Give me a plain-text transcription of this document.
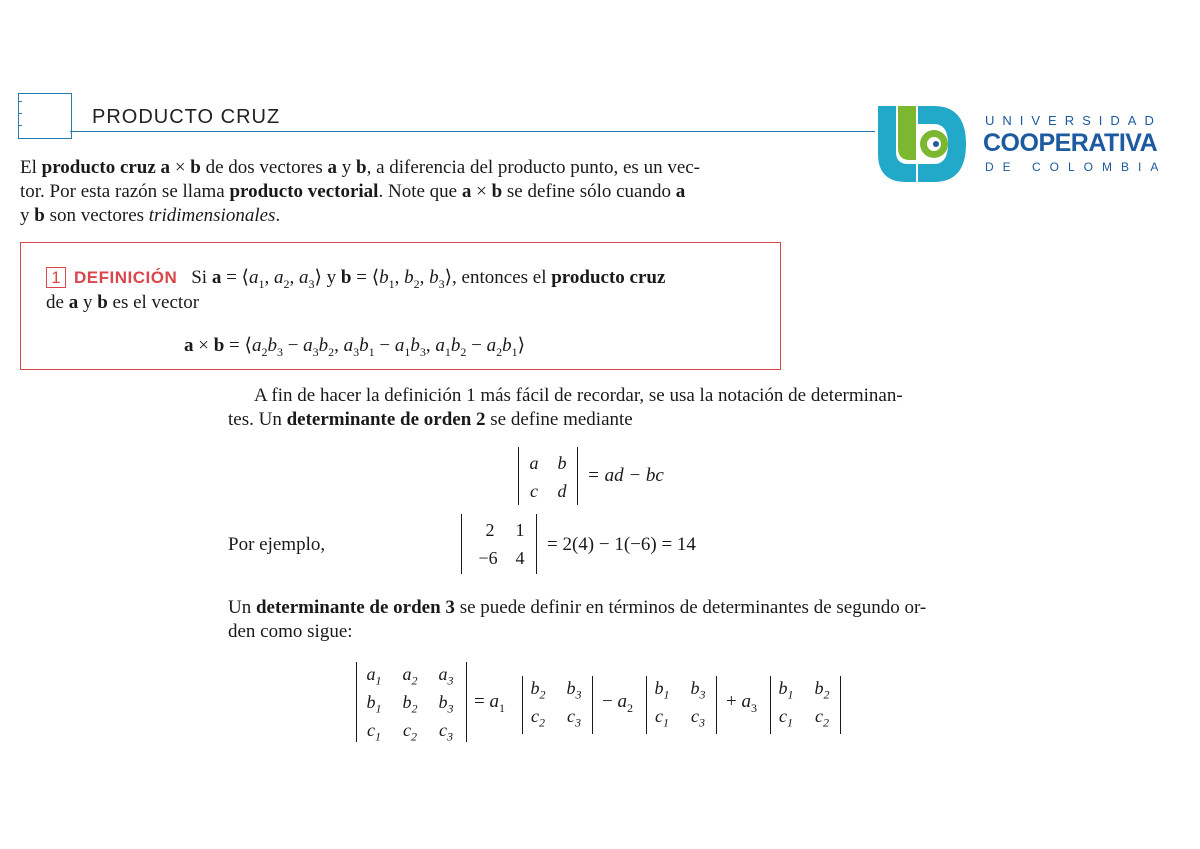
PRODUCTO CRUZ	UNIVERSIDAD
COOPERATIVA
DE COLOMBIA
El producto cruz a × b de dos vectores a y b, a diferencia del producto punto, es un vec-
tor. Por esta razón se llama producto vectorial. Note que a × b se define sólo cuando a
y b son vectores tridimensionales.
1 DEFINICIÓN Si $a = ⟨a_1$, $a_2$, $a_3⟩$ y $b = ⟨b_1$, $b_2$, $b_3⟩$, entonces el producto cruz
de a y b es el vector
$a \times b = ⟨a_2b_3 - a_3b_2$, $a_3b_1 - a_1b_3$, $a_1b_2$ − $a_2b_1⟩$
A fin de hacer la definición 1 más fácil de recordar, se usa la notación de determinan-
tes. Un determinante de orden 2 se define mediante
a	b
c	d
= ad − bc
Por ejemplo,
2	1
−6 4
= 2(4) − 1(−6) = 14
Un determinante de orden 3 se puede definir en términos de determinantes de segundo or-
den como sigue:
$a_1$ $a_2$ $a_3$
$b_1$ $b_2$ $b_3$
$c_1$ $c_2$ $c_3$
= $a_1$
$b_2$ $b_3$
$c_2$ $c_3$
− $a_2$
$b_1$ $b_3$
$c_1$ $c_3$
+ $a_3$
$b_1$ $b_2$
$c_1$ $c_2$
